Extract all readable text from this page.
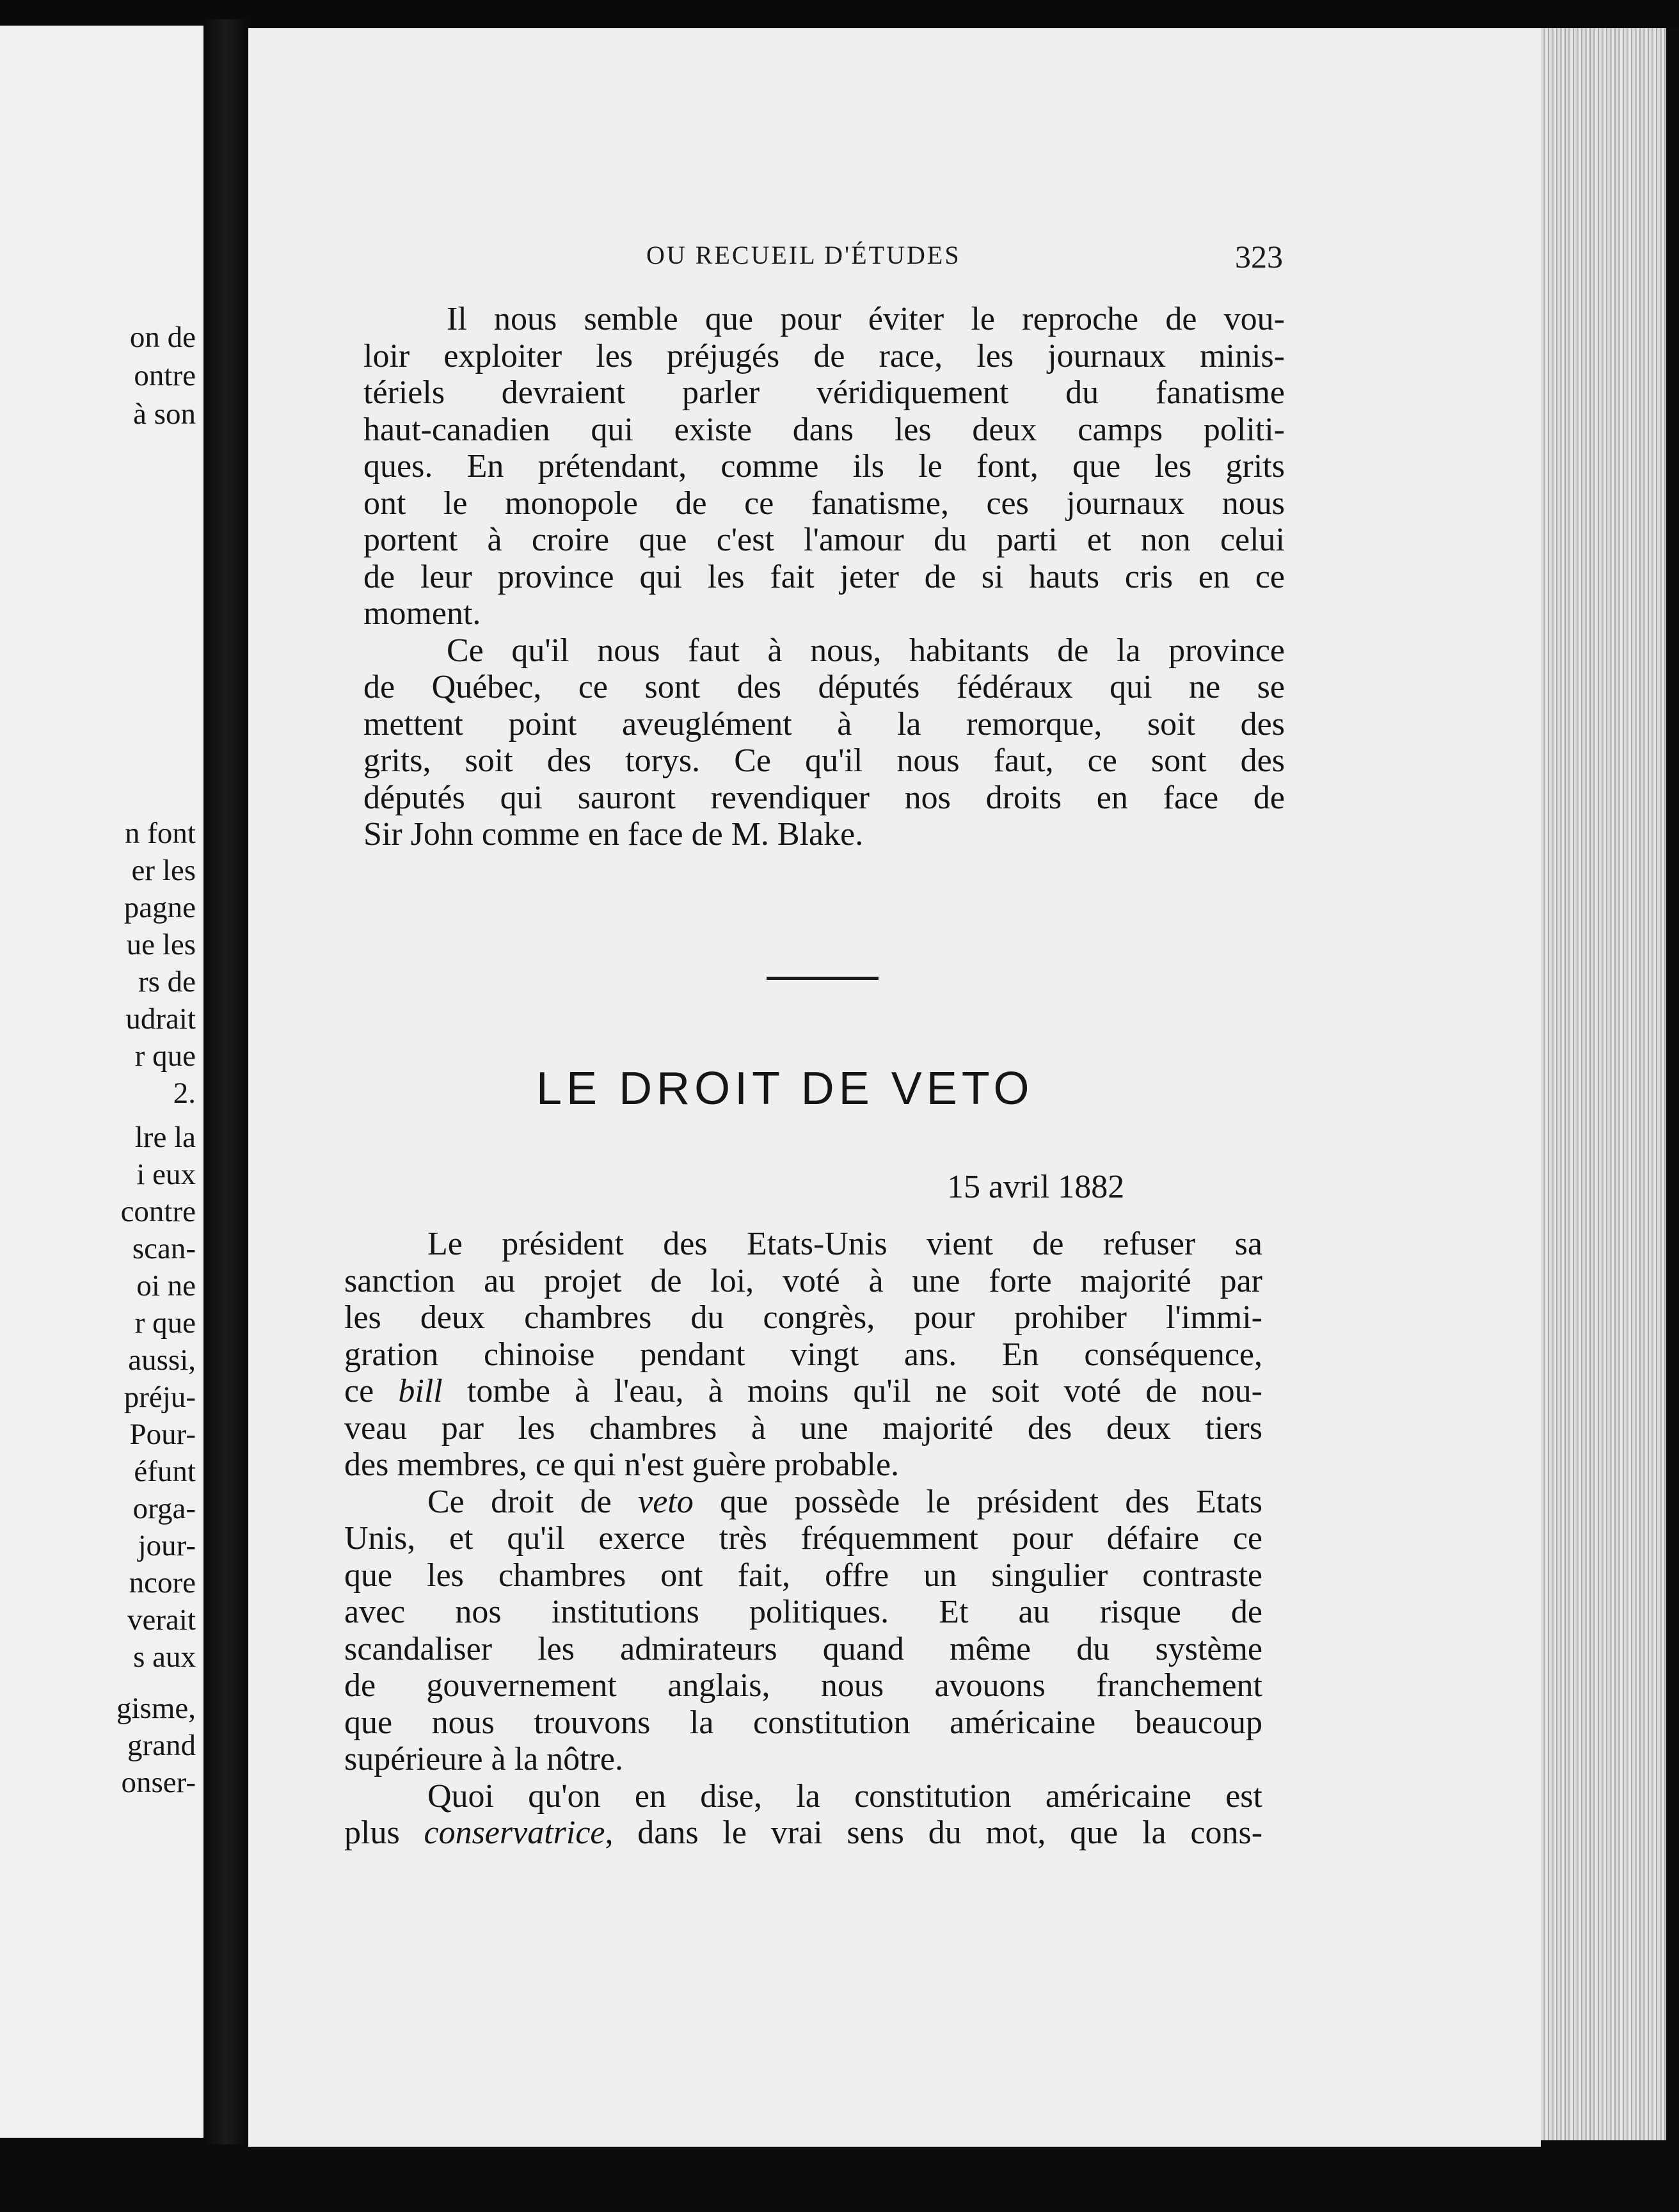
on de
ontre
à son
n font
er les
pagne
ue les
rs de
udrait
r que
2.
lre la
i eux
contre
scan-
oi ne
r que
aussi,
préju-
Pour-
éfunt
orga-
jour-
ncore
verait
s aux
gisme,
grand
onser-
OU RECUEIL D'ÉTUDES	323
Il nous semble que pour éviter le reproche de vou-
loir exploiter les préjugés de race, les journaux minis-
tériels devraient parler véridiquement du fanatisme
haut-canadien qui existe dans les deux camps politi-
ques. En prétendant, comme ils le font, que les grits
ont le monopole de ce fanatisme, ces journaux nous
portent à croire que c'est l'amour du parti et non celui
de leur province qui les fait jeter de si hauts cris en ce
moment.
Ce qu'il nous faut à nous, habitants de la province
de Québec, ce sont des députés fédéraux qui ne se
mettent point aveuglément à la remorque, soit des
grits, soit des torys. Ce qu'il nous faut, ce sont des
députés qui sauront revendiquer nos droits en face de
Sir John comme en face de M. Blake.
LE DROIT DE VETO
15 avril 1882
Le président des Etats-Unis vient de refuser sa
sanction au projet de loi, voté à une forte majorité par
les deux chambres du congrès, pour prohiber l'immi-
gration chinoise pendant vingt ans. En conséquence,
ce bill tombe à l'eau, à moins qu'il ne soit voté de nou-
veau par les chambres à une majorité des deux tiers
des membres, ce qui n'est guère probable.
Ce droit de veto que possède le président des Etats
Unis, et qu'il exerce très fréquemment pour défaire ce
que les chambres ont fait, offre un singulier contraste
avec nos institutions politiques. Et au risque de
scandaliser les admirateurs quand même du système
de gouvernement anglais, nous avouons franchement
que nous trouvons la constitution américaine beaucoup
supérieure à la nôtre.
Quoi qu'on en dise, la constitution américaine est
plus conservatrice, dans le vrai sens du mot, que la cons-
